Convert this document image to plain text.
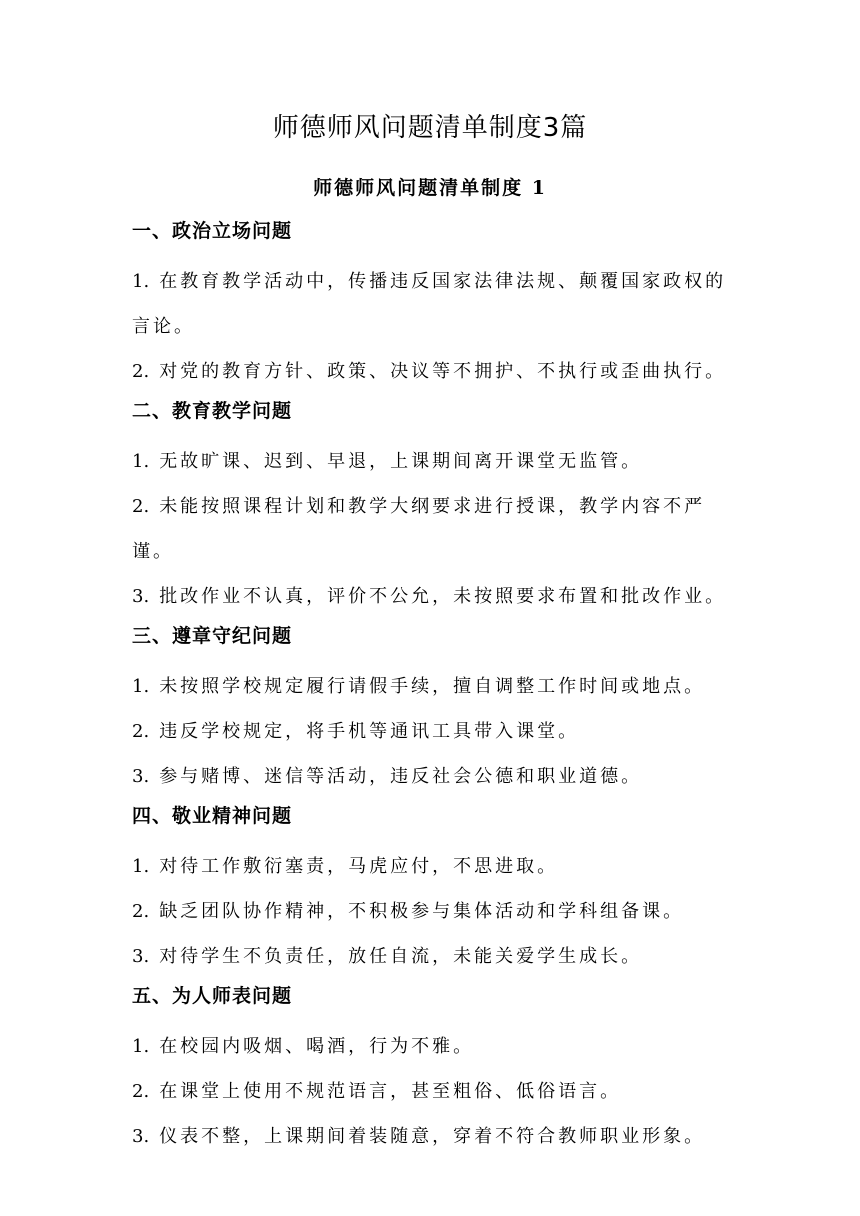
师德师风问题清单制度3篇
师德师风问题清单制度 1
一、政治立场问题

1. 在教育教学活动中，传播违反国家法律法规、颠覆国家政权的言论。

2. 对党的教育方针、政策、决议等不拥护、不执行或歪曲执行。

二、教育教学问题

1. 无故旷课、迟到、早退，上课期间离开课堂无监管。

2. 未能按照课程计划和教学大纲要求进行授课，教学内容不严谨。

3. 批改作业不认真，评价不公允，未按照要求布置和批改作业。

三、遵章守纪问题

1. 未按照学校规定履行请假手续，擅自调整工作时间或地点。

2. 违反学校规定，将手机等通讯工具带入课堂。

3. 参与赌博、迷信等活动，违反社会公德和职业道德。

四、敬业精神问题

1. 对待工作敷衍塞责，马虎应付，不思进取。

2. 缺乏团队协作精神，不积极参与集体活动和学科组备课。

3. 对待学生不负责任，放任自流，未能关爱学生成长。

五、为人师表问题

1. 在校园内吸烟、喝酒，行为不雅。

2. 在课堂上使用不规范语言，甚至粗俗、低俗语言。

3. 仪表不整，上课期间着装随意，穿着不符合教师职业形象。
